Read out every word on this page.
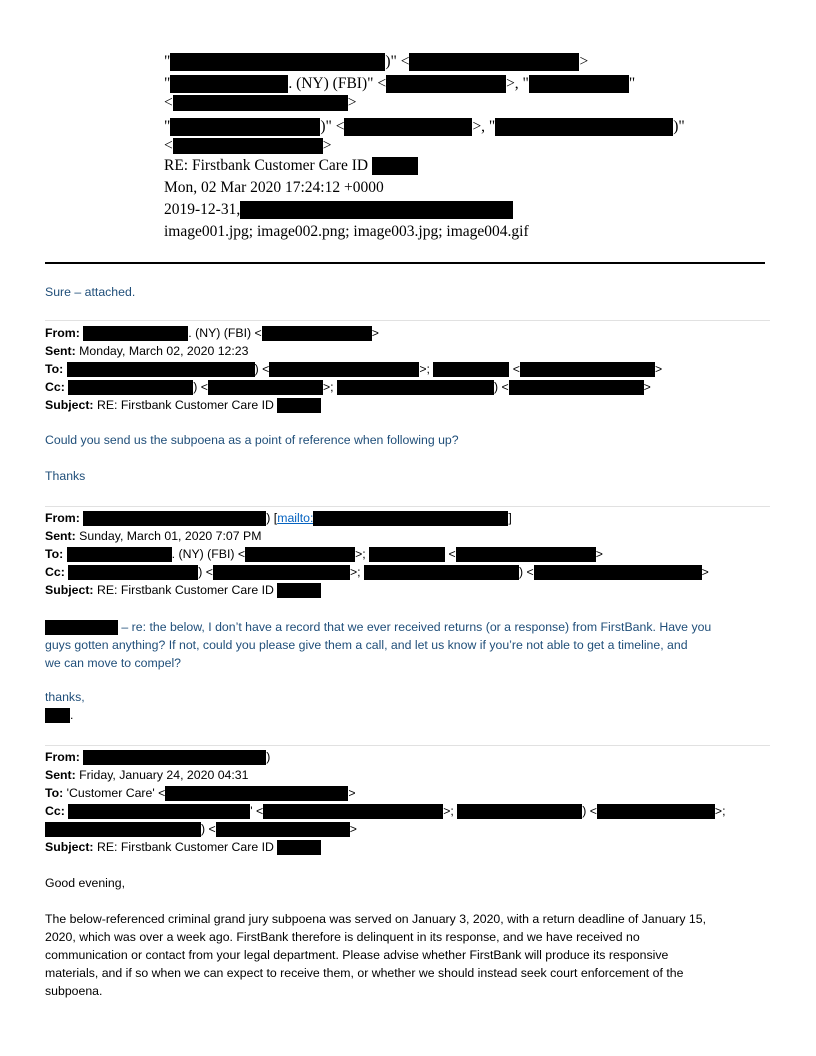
"	)" <	>
"	. (NY) (FBI)" <	>, "	"
<	>
"	)" <	>, "	)"
<	>
RE: Firstbank Customer Care ID
Mon, 02 Mar 2020 17:24:12 +0000
2019-12-31,
image001.jpg; image002.png; image003.jpg; image004.gif
Sure – attached.
From:	. (NY) (FBI) <	>
Sent: Monday, March 02, 2020 12:23
To:	) <	>;	<	>
Cc:	) <	>;	) <	>
Subject: RE: Firstbank Customer Care ID
Could you send us the subpoena as a point of reference when following up?
Thanks
From:	) [mailto:	]
Sent: Sunday, March 01, 2020 7:07 PM
To:	. (NY) (FBI) <	>;	<	>
Cc:	) <	>;	) <	>
Subject: RE: Firstbank Customer Care ID
– re: the below, I don’t have a record that we ever received returns (or a response) from FirstBank. Have you
guys gotten anything? If not, could you please give them a call, and let us know if you’re not able to get a timeline, and
we can move to compel?
thanks,
.
From:	)
Sent: Friday, January 24, 2020 04:31
To: 'Customer Care' <	>
Cc:	' <	>;	) <	>;
) <	>
Subject: RE: Firstbank Customer Care ID
Good evening,
The below-referenced criminal grand jury subpoena was served on January 3, 2020, with a return deadline of January 15,
2020, which was over a week ago. FirstBank therefore is delinquent in its response, and we have received no
communication or contact from your legal department. Please advise whether FirstBank will produce its responsive
materials, and if so when we can expect to receive them, or whether we should instead seek court enforcement of the
subpoena.
